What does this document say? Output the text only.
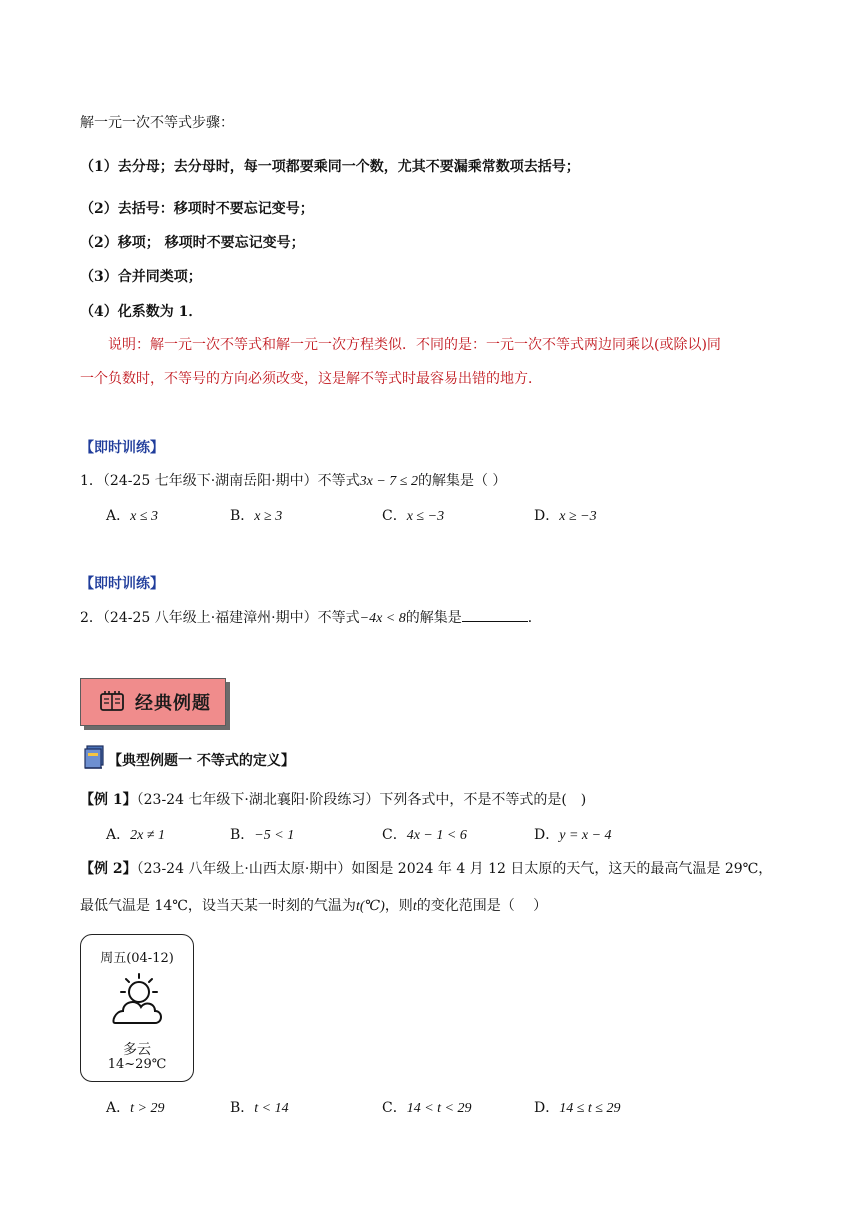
解一元一次不等式步骤：
（1）去分母；去分母时，每一项都要乘同一个数，尤其不要漏乘常数项去括号；
（2）去括号：移项时不要忘记变号；
（2）移项； 移项时不要忘记变号；
（3）合并同类项；
（4）化系数为 1．
说明：解一元一次不等式和解一元一次方程类似．不同的是：一元一次不等式两边同乘以(或除以)同
一个负数时，不等号的方向必须改变，这是解不等式时最容易出错的地方．
【即时训练】
1．（24-25 七年级下·湖南岳阳·期中）不等式3x − 7 ≤ 2的解集是（ ）
A．x ≤ 3	B．x ≥ 3	C．x ≤ −3	D．x ≥ −3
【即时训练】
2．（24-25 八年级上·福建漳州·期中）不等式−4x < 8的解集是	．
经典例题
【典型例题一 不等式的定义】
【例 1】（23-24 七年级下·湖北襄阳·阶段练习）下列各式中，不是不等式的是(　)
A．2x ≠ 1	B．−5 < 1	C．4x − 1 < 6	D．y = x − 4
【例 2】（23-24 八年级上·山西太原·期中）如图是 2024 年 4 月 12 日太原的天气，这天的最高气温是 29℃，
最低气温是 14℃，设当天某一时刻的气温为t(℃)，则t的变化范围是（　 ）
周五(04-12)
多云
14~29℃
A．t > 29	B．t < 14	C．14 < t < 29	D．14 ≤ t ≤ 29
